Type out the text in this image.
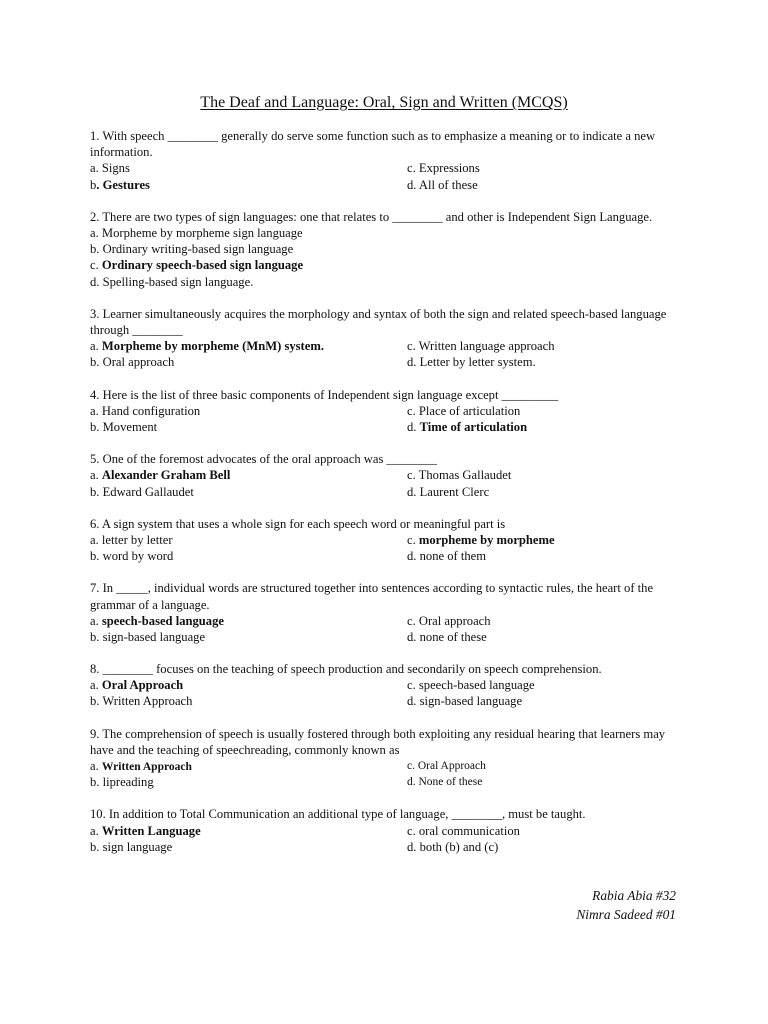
The Deaf and Language: Oral, Sign and Written (MCQS)
1. With speech ________ generally do serve some function such as to emphasize a meaning or to indicate a new information.
a. Signs	c. Expressions
b. Gestures	d. All of these
2. There are two types of sign languages: one that relates to ________ and other is Independent Sign Language.
a. Morpheme by morpheme sign language
b. Ordinary writing-based sign language
c. Ordinary speech-based sign language
d. Spelling-based sign language.
3. Learner simultaneously acquires the morphology and syntax of both the sign and related speech-based language through ________
a. Morpheme by morpheme (MnM) system.	c. Written language approach
b. Oral approach	d. Letter by letter system.
4. Here is the list of three basic components of Independent sign language except _________
a. Hand configuration	c. Place of articulation
b. Movement	d. Time of articulation
5. One of the foremost advocates of the oral approach was ________
a. Alexander Graham Bell	c. Thomas Gallaudet
b. Edward Gallaudet	d. Laurent Clerc
6. A sign system that uses a whole sign for each speech word or meaningful part is
a. letter by letter	c. morpheme by morpheme
b. word by word	d. none of them
7. In _____, individual words are structured together into sentences according to syntactic rules, the heart of the grammar of a language.
a. speech-based language	c. Oral approach
b. sign-based language	d. none of these
8. ________ focuses on the teaching of speech production and secondarily on speech comprehension.
a. Oral Approach	c. speech-based language
b. Written Approach	d. sign-based language
9. The comprehension of speech is usually fostered through both exploiting any residual hearing that learners may have and the teaching of speechreading, commonly known as
a. Written Approach	c. Oral Approach
b. lipreading	d. None of these
10. In addition to Total Communication an additional type of language, ________, must be taught.
a. Written Language	c. oral communication
b. sign language	d. both (b) and (c)
Rabia Abia #32
Nimra Sadeed #01
